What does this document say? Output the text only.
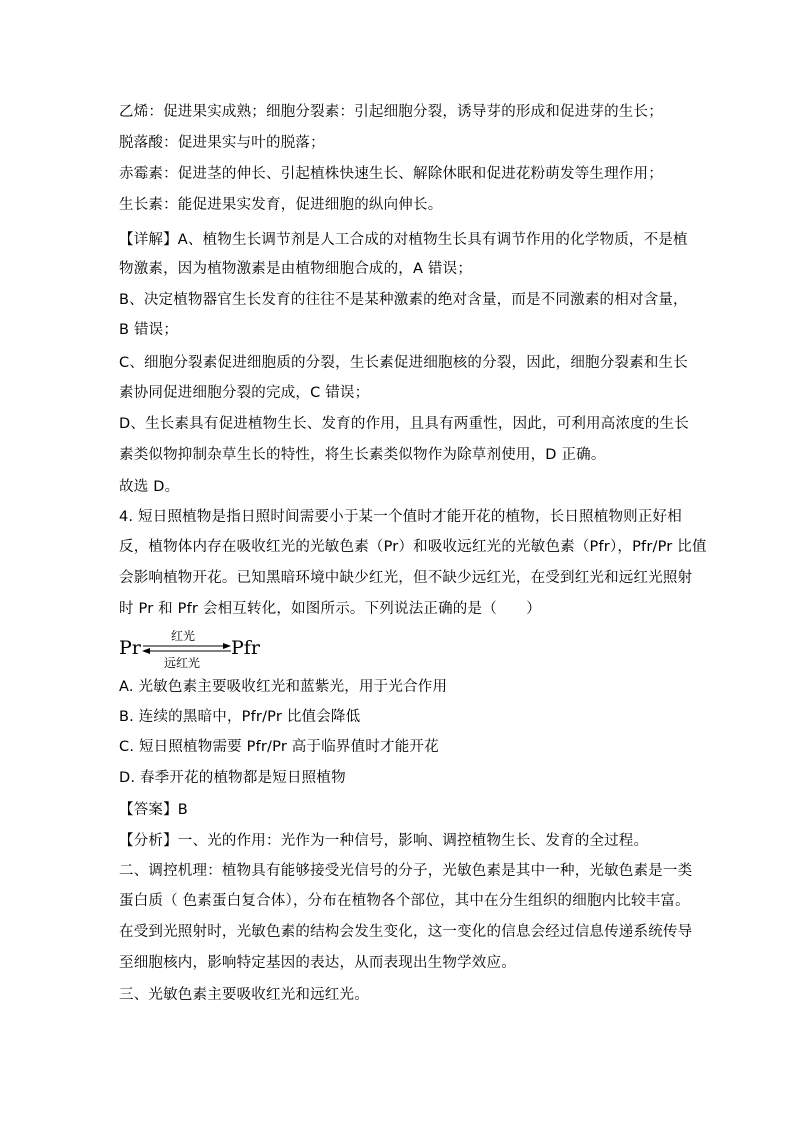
乙烯：促进果实成熟；细胞分裂素：引起细胞分裂，诱导芽的形成和促进芽的生长；
脱落酸：促进果实与叶的脱落；
赤霉素：促进茎的伸长、引起植株快速生长、解除休眠和促进花粉萌发等生理作用；
生长素：能促进果实发育，促进细胞的纵向伸长。
【详解】A、植物生长调节剂是人工合成的对植物生长具有调节作用的化学物质，不是植
物激素，因为植物激素是由植物细胞合成的，A 错误；
B、决定植物器官生长发育的往往不是某种激素的绝对含量，而是不同激素的相对含量，
B 错误；
C、细胞分裂素促进细胞质的分裂，生长素促进细胞核的分裂，因此，细胞分裂素和生长
素协同促进细胞分裂的完成，C 错误；
D、生长素具有促进植物生长、发育的作用，且具有两重性，因此，可利用高浓度的生长
素类似物抑制杂草生长的特性，将生长素类似物作为除草剂使用，D 正确。
故选 D。
4. 短日照植物是指日照时间需要小于某一个值时才能开花的植物，长日照植物则正好相
反，植物体内存在吸收红光的光敏色素（Pr）和吸收远红光的光敏色素（Pfr），Pfr/Pr 比值
会影响植物开花。已知黑暗环境中缺少红光，但不缺少远红光，在受到红光和远红光照射
时 Pr 和 Pfr 会相互转化，如图所示。下列说法正确的是（　　）
Pr	Pfr
红光
远红光
A. 光敏色素主要吸收红光和蓝紫光，用于光合作用
B. 连续的黑暗中，Pfr/Pr 比值会降低
C. 短日照植物需要 Pfr/Pr 高于临界值时才能开花
D. 春季开花的植物都是短日照植物
【答案】B
【分析】一、光的作用：光作为一种信号，影响、调控植物生长、发育的全过程。
二、调控机理：植物具有能够接受光信号的分子，光敏色素是其中一种，光敏色素是一类
蛋白质（ 色素蛋白复合体），分布在植物各个部位，其中在分生组织的细胞内比较丰富。
在受到光照射时，光敏色素的结构会发生变化，这一变化的信息会经过信息传递系统传导
至细胞核内，影响特定基因的表达，从而表现出生物学效应。
三、光敏色素主要吸收红光和远红光。
